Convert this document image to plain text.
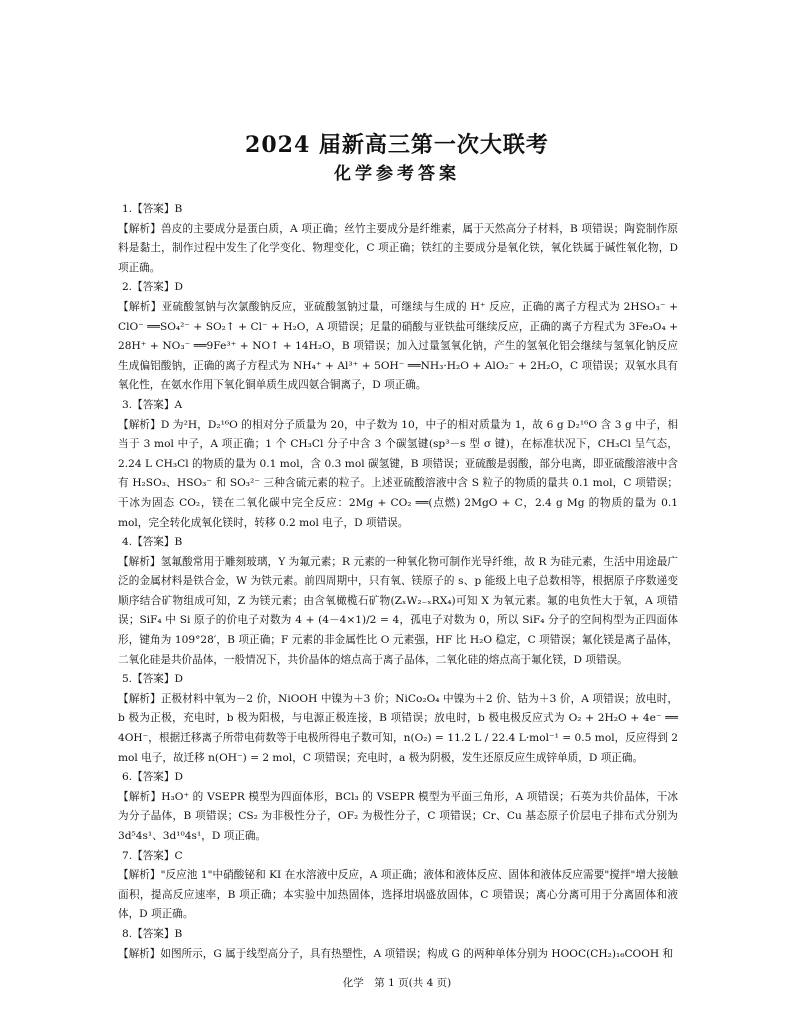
2024 届新高三第一次大联考
化学参考答案

1.【答案】B

【解析】兽皮的主要成分是蛋白质，A 项正确；丝竹主要成分是纤维素，属于天然高分子材料，B 项错误；陶瓷制作原料是黏土，制作过程中发生了化学变化、物理变化，C 项正确；铁红的主要成分是氧化铁，氧化铁属于碱性氧化物，D 项正确。

2.【答案】D

【解析】亚硫酸氢钠与次氯酸钠反应，亚硫酸氢钠过量，可继续与生成的 H⁺ 反应，正确的离子方程式为 2HSO₃⁻ + ClO⁻ ══SO₄²⁻ + SO₂↑ + Cl⁻ + H₂O，A 项错误；足量的硝酸与亚铁盐可继续反应，正确的离子方程式为 3Fe₃O₄ + 28H⁺ + NO₃⁻ ══9Fe³⁺ + NO↑ + 14H₂O，B 项错误；加入过量氢氧化钠，产生的氢氧化铝会继续与氢氧化钠反应生成偏铝酸钠，正确的离子方程式为 NH₄⁺ + Al³⁺ + 5OH⁻ ══NH₃·H₂O + AlO₂⁻ + 2H₂O，C 项错误；双氧水具有氧化性，在氨水作用下氧化铜单质生成四氨合铜离子，D 项正确。

3.【答案】A

【解析】D 为²H，D₂¹⁶O 的相对分子质量为 20，中子数为 10，中子的相对质量为 1，故 6 g D₂¹⁶O 含 3 g 中子，相当于 3 mol 中子，A 项正确；1 个 CH₃Cl 分子中含 3 个碳氢键(sp³－s 型 σ 键)，在标准状况下，CH₃Cl 呈气态，2.24 L CH₃Cl 的物质的量为 0.1 mol，含 0.3 mol 碳氢键，B 项错误；亚硫酸是弱酸，部分电离，即亚硫酸溶液中含有 H₂SO₃、HSO₃⁻ 和 SO₃²⁻ 三种含硫元素的粒子。上述亚硫酸溶液中含 S 粒子的物质的量共 0.1 mol，C 项错误；干冰为固态 CO₂，镁在二氧化碳中完全反应：2Mg + CO₂ ══(点燃) 2MgO + C，2.4 g Mg 的物质的量为 0.1 mol，完全转化成氧化镁时，转移 0.2 mol 电子，D 项错误。

4.【答案】B

【解析】氢氟酸常用于雕刻玻璃，Y 为氟元素；R 元素的一种氧化物可制作光导纤维，故 R 为硅元素，生活中用途最广泛的金属材料是铁合金，W 为铁元素。前四周期中，只有氧、镁原子的 s、p 能级上电子总数相等，根据原子序数递变顺序结合矿物组成可知，Z 为镁元素；由含氧橄榄石矿物(ZₓW₂₋ₓRX₄)可知 X 为氧元素。氟的电负性大于氧，A 项错误；SiF₄ 中 Si 原子的价电子对数为 4 + (4－4×1)/2 = 4，孤电子对数为 0，所以 SiF₄ 分子的空间构型为正四面体形，键角为 109°28′，B 项正确；F 元素的非金属性比 O 元素强，HF 比 H₂O 稳定，C 项错误；氟化镁是离子晶体，二氧化硅是共价晶体，一般情况下，共价晶体的熔点高于离子晶体，二氧化硅的熔点高于氟化镁，D 项错误。

5.【答案】D

【解析】正极材料中氧为－2 价，NiOOH 中镍为＋3 价；NiCo₂O₄ 中镍为＋2 价、钴为＋3 价，A 项错误；放电时，b 极为正极，充电时，b 极为阳极，与电源正极连接，B 项错误；放电时，b 极电极反应式为 O₂ + 2H₂O + 4e⁻ ══ 4OH⁻，根据迁移离子所带电荷数等于电极所得电子数可知，n(O₂) = 11.2 L / 22.4 L·mol⁻¹ = 0.5 mol，反应得到 2 mol 电子，故迁移 n(OH⁻) = 2 mol，C 项错误；充电时，a 极为阴极，发生还原反应生成锌单质，D 项正确。

6.【答案】D

【解析】H₃O⁺ 的 VSEPR 模型为四面体形，BCl₃ 的 VSEPR 模型为平面三角形，A 项错误；石英为共价晶体，干冰为分子晶体，B 项错误；CS₂ 为非极性分子，OF₂ 为极性分子，C 项错误；Cr、Cu 基态原子价层电子排布式分别为 3d⁵4s¹、3d¹⁰4s¹，D 项正确。

7.【答案】C

【解析】"反应池 1"中硝酸铋和 KI 在水溶液中反应，A 项正确；液体和液体反应、固体和液体反应需要"搅拌"增大接触面积，提高反应速率，B 项正确；本实验中加热固体，选择坩埚盛放固体，C 项错误；离心分离可用于分离固体和液体，D 项正确。

8.【答案】B

【解析】如图所示，G 属于线型高分子，具有热塑性，A 项错误；构成 G 的两种单体分别为 HOOC(CH₂)₁₆COOH 和

化学　第 1 页(共 4 页)
